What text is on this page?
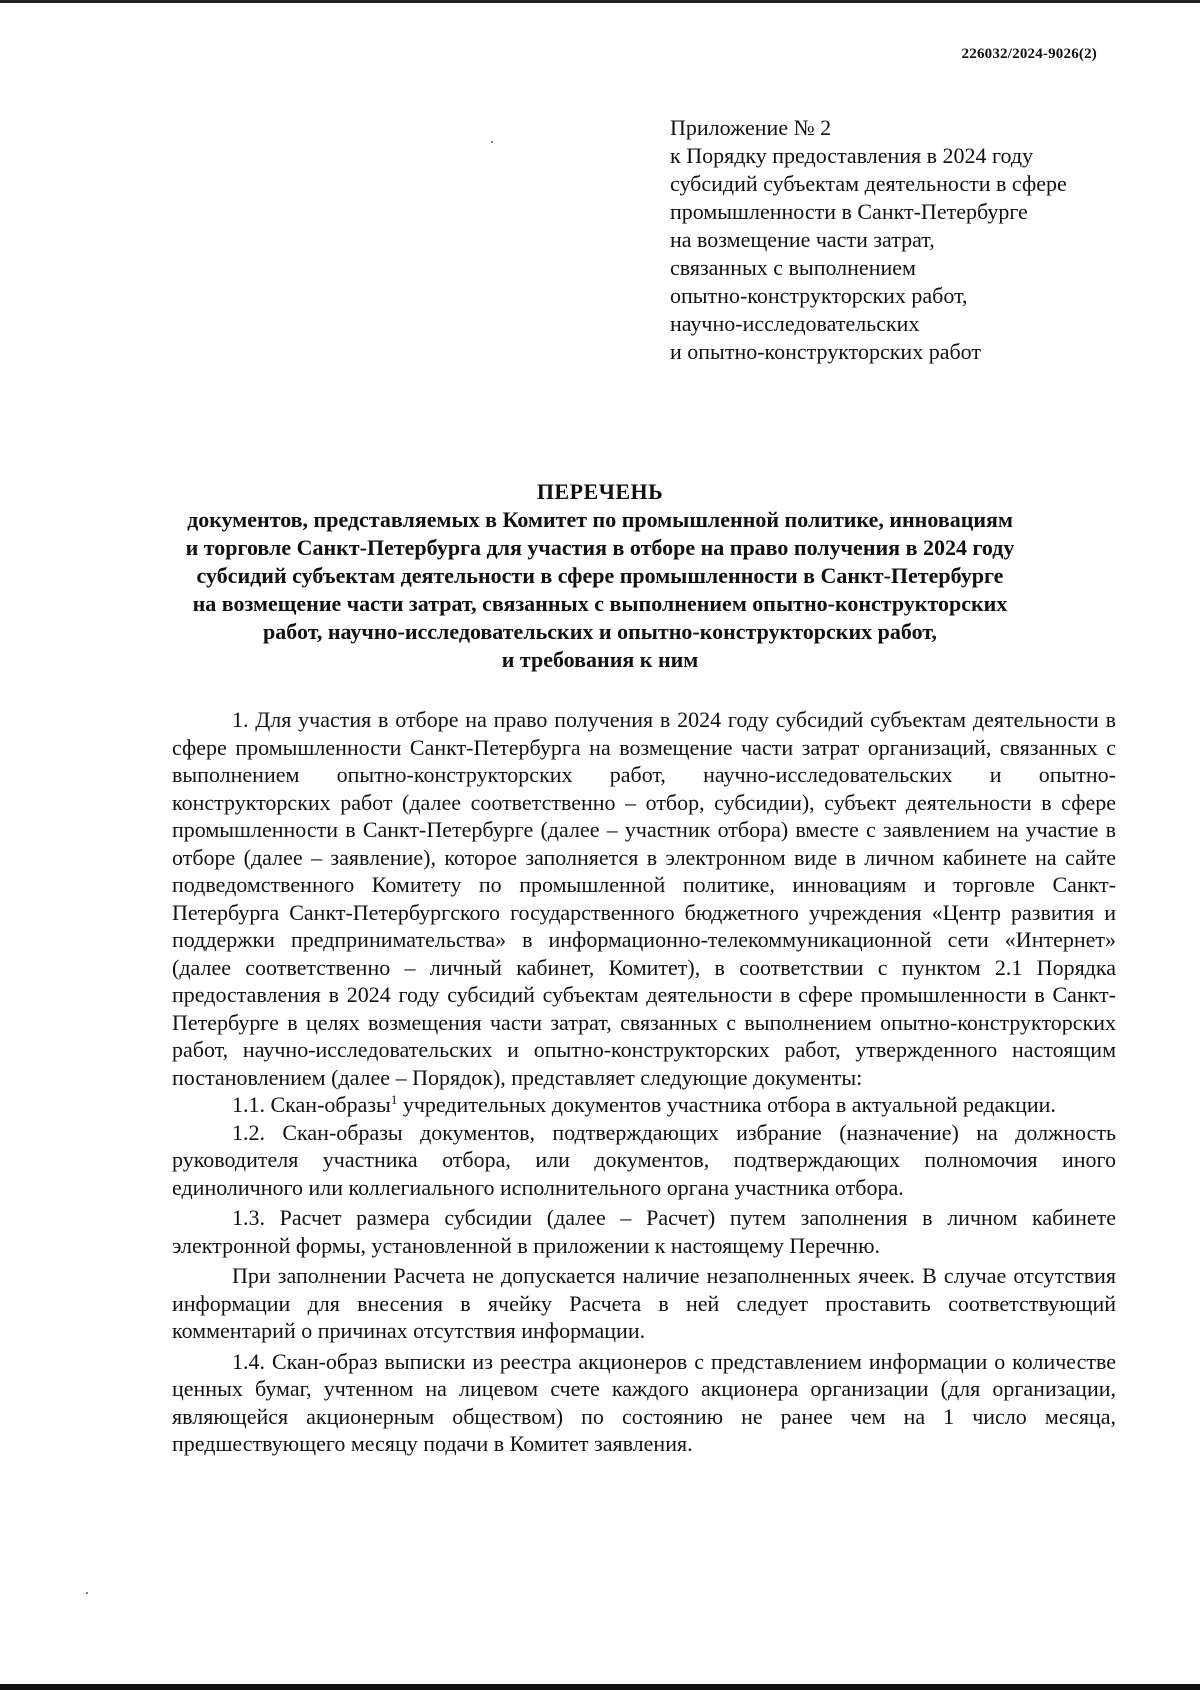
226032/2024-9026(2)
Приложение № 2
к Порядку предоставления в 2024 году
субсидий субъектам деятельности в сфере
промышленности в Санкт-Петербурге
на возмещение части затрат,
связанных с выполнением
опытно-конструкторских работ,
научно-исследовательских
и опытно-конструкторских работ
ПЕРЕЧЕНЬ
документов, представляемых в Комитет по промышленной политике, инновациям
и торговле Санкт-Петербурга для участия в отборе на право получения в 2024 году
субсидий субъектам деятельности в сфере промышленности в Санкт-Петербурге
на возмещение части затрат, связанных с выполнением опытно-конструкторских
работ, научно-исследовательских и опытно-конструкторских работ,
и требования к ним

1. Для участия в отборе на право получения в 2024 году субсидий субъектам деятельности в сфере промышленности Санкт-Петербурга на возмещение части затрат организаций, связанных с выполнением опытно-конструкторских работ, научно-исследовательских и опытно-конструкторских работ (далее соответственно – отбор, субсидии), субъект деятельности в сфере промышленности в Санкт-Петербурге (далее – участник отбора) вместе с заявлением на участие в отборе (далее – заявление), которое заполняется в электронном виде в личном кабинете на сайте подведомственного Комитету по промышленной политике, инновациям и торговле Санкт-Петербурга Санкт-Петербургского государственного бюджетного учреждения «Центр развития и поддержки предпринимательства» в информационно-телекоммуникационной сети «Интернет» (далее соответственно – личный кабинет, Комитет), в соответствии с пунктом 2.1 Порядка предоставления в 2024 году субсидий субъектам деятельности в сфере промышленности в Санкт-Петербурге в целях возмещения части затрат, связанных с выполнением опытно-конструкторских работ, научно-исследовательских и опытно-конструкторских работ, утвержденного настоящим постановлением (далее – Порядок), представляет следующие документы:

1.1. Скан-образы$^1$ учредительных документов участника отбора в актуальной редакции.

1.2. Скан-образы документов, подтверждающих избрание (назначение) на должность руководителя участника отбора, или документов, подтверждающих полномочия иного единоличного или коллегиального исполнительного органа участника отбора.

1.3. Расчет размера субсидии (далее – Расчет) путем заполнения в личном кабинете электронной формы, установленной в приложении к настоящему Перечню.

При заполнении Расчета не допускается наличие незаполненных ячеек. В случае отсутствия информации для внесения в ячейку Расчета в ней следует проставить соответствующий комментарий о причинах отсутствия информации.

1.4. Скан-образ выписки из реестра акционеров с представлением информации о количестве ценных бумаг, учтенном на лицевом счете каждого акционера организации (для организации, являющейся акционерным обществом) по состоянию не ранее чем на 1 число месяца, предшествующего месяцу подачи в Комитет заявления.
